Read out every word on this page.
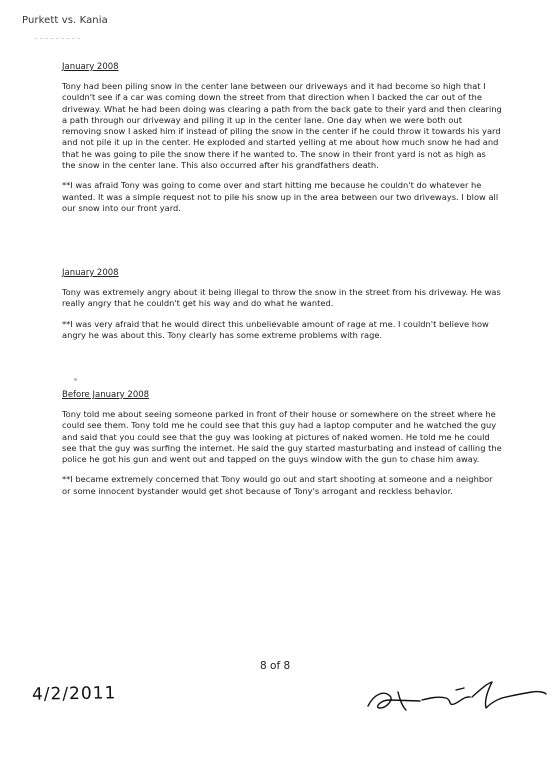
Purkett vs. Kania
January 2008

Tony had been piling snow in the center lane between our driveways and it had become so high that I couldn't see if a car was coming down the street from that direction when I backed the car out of the driveway. What he had been doing was clearing a path from the back gate to their yard and then clearing a path through our driveway and piling it up in the center lane. One day when we were both out removing snow I asked him if instead of piling the snow in the center if he could throw it towards his yard and not pile it up in the center. He exploded and started yelling at me about how much snow he had and that he was going to pile the snow there if he wanted to. The snow in their front yard is not as high as the snow in the center lane. This also occurred after his grandfathers death.

**I was afraid Tony was going to come over and start hitting me because he couldn't do whatever he wanted. It was a simple request not to pile his snow up in the area between our two driveways. I blow all our snow into our front yard.

January 2008

Tony was extremely angry about it being illegal to throw the snow in the street from his driveway. He was really angry that he couldn't get his way and do what he wanted.

**I was very afraid that he would direct this unbelievable amount of rage at me. I couldn't believe how angry he was about this. Tony clearly has some extreme problems with rage.

Before January 2008

Tony told me about seeing someone parked in front of their house or somewhere on the street where he could see them. Tony told me he could see that this guy had a laptop computer and he watched the guy and said that you could see that the guy was looking at pictures of naked women. He told me he could see that the guy was surfing the internet. He said the guy started masturbating and instead of calling the police he got his gun and went out and tapped on the guys window with the gun to chase him away.

**I became extremely concerned that Tony would go out and start shooting at someone and a neighbor or some innocent bystander would get shot because of Tony's arrogant and reckless behavior.

8 of 8
4/2/2011
